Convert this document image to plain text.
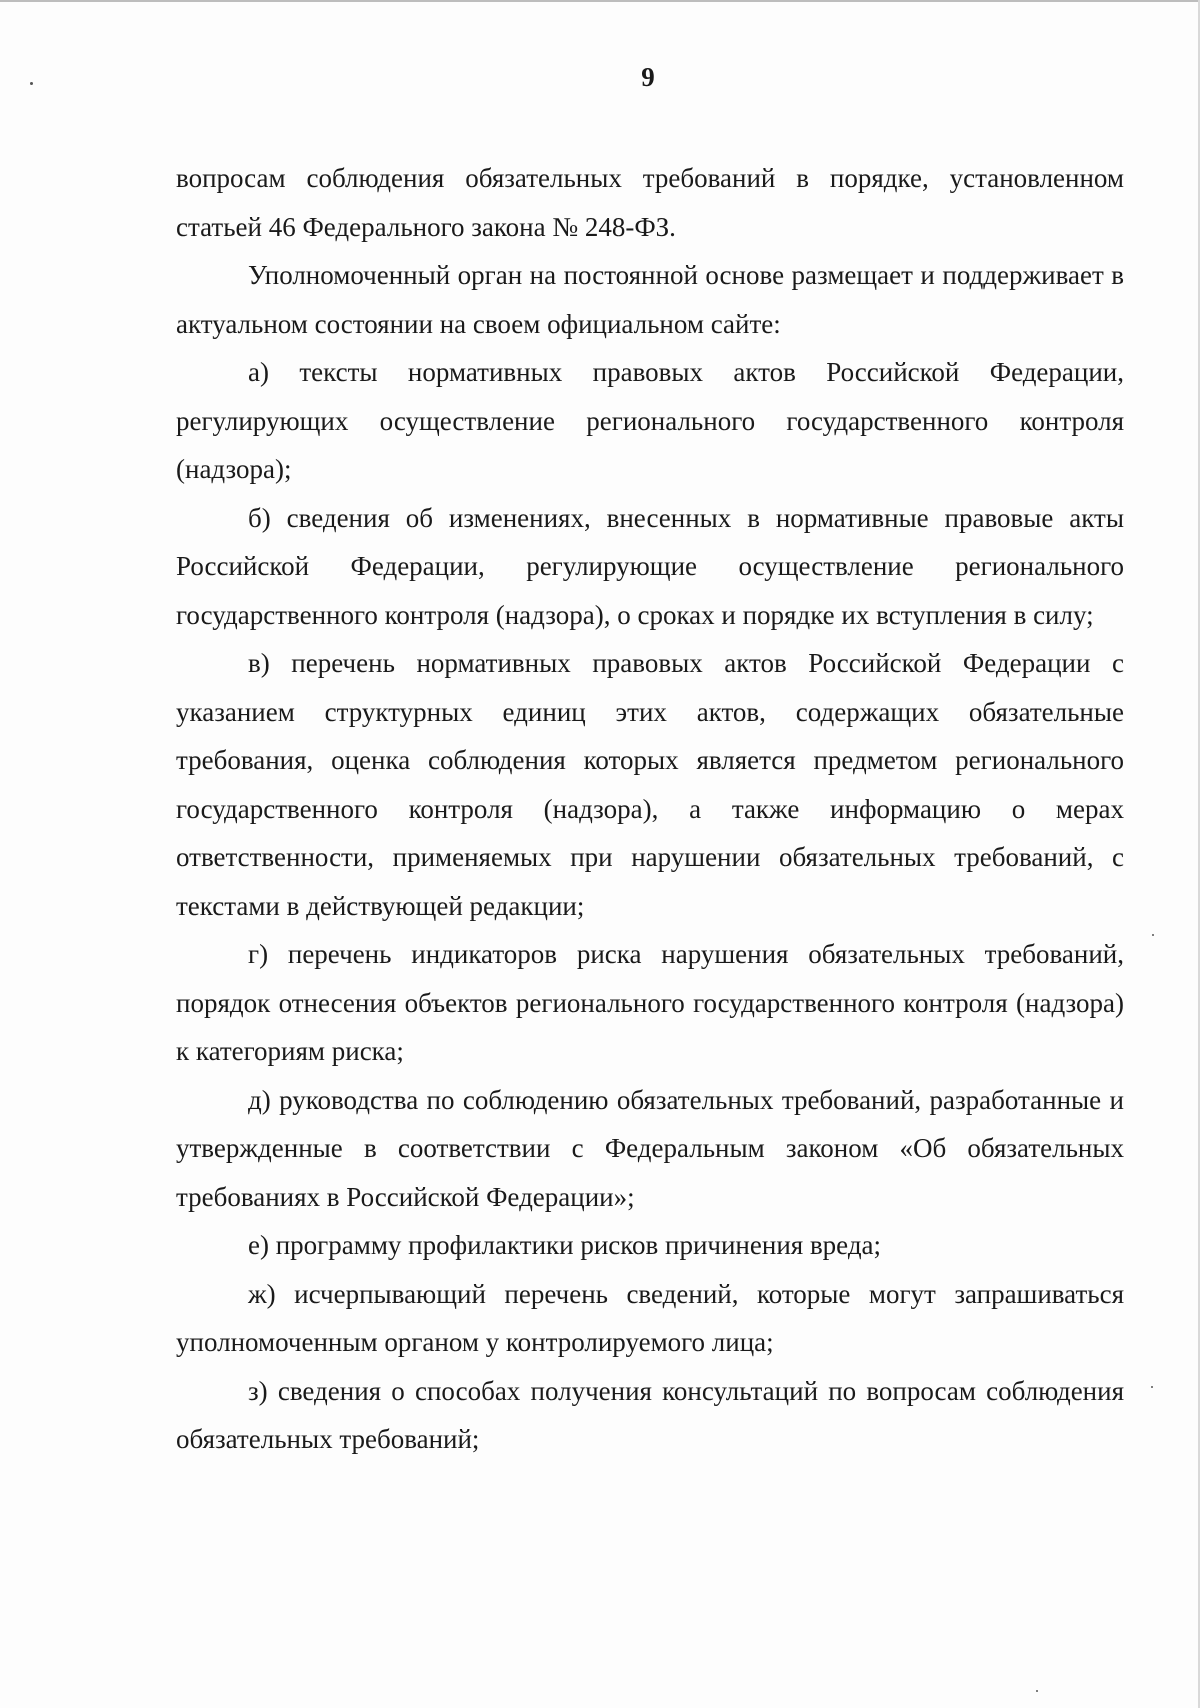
9

вопросам соблюдения обязательных требований в порядке, установленном статьей 46 Федерального закона № 248-ФЗ.

Уполномоченный орган на постоянной основе размещает и поддерживает в актуальном состоянии на своем официальном сайте:

а) тексты нормативных правовых актов Российской Федерации, регулирующих осуществление регионального государственного контроля (надзора);

б) сведения об изменениях, внесенных в нормативные правовые акты Российской Федерации, регулирующие осуществление регионального государственного контроля (надзора), о сроках и порядке их вступления в силу;

в) перечень нормативных правовых актов Российской Федерации с указанием структурных единиц этих актов, содержащих обязательные требования, оценка соблюдения которых является предметом регионального государственного контроля (надзора), а также информацию о мерах ответственности, применяемых при нарушении обязательных требований, с текстами в действующей редакции;

г) перечень индикаторов риска нарушения обязательных требований, порядок отнесения объектов регионального государственного контроля (надзора) к категориям риска;

д) руководства по соблюдению обязательных требований, разработанные и утвержденные в соответствии с Федеральным законом «Об обязательных требованиях в Российской Федерации»;

е) программу профилактики рисков причинения вреда;

ж) исчерпывающий перечень сведений, которые могут запрашиваться уполномоченным органом у контролируемого лица;

з) сведения о способах получения консультаций по вопросам соблюдения обязательных требований;
